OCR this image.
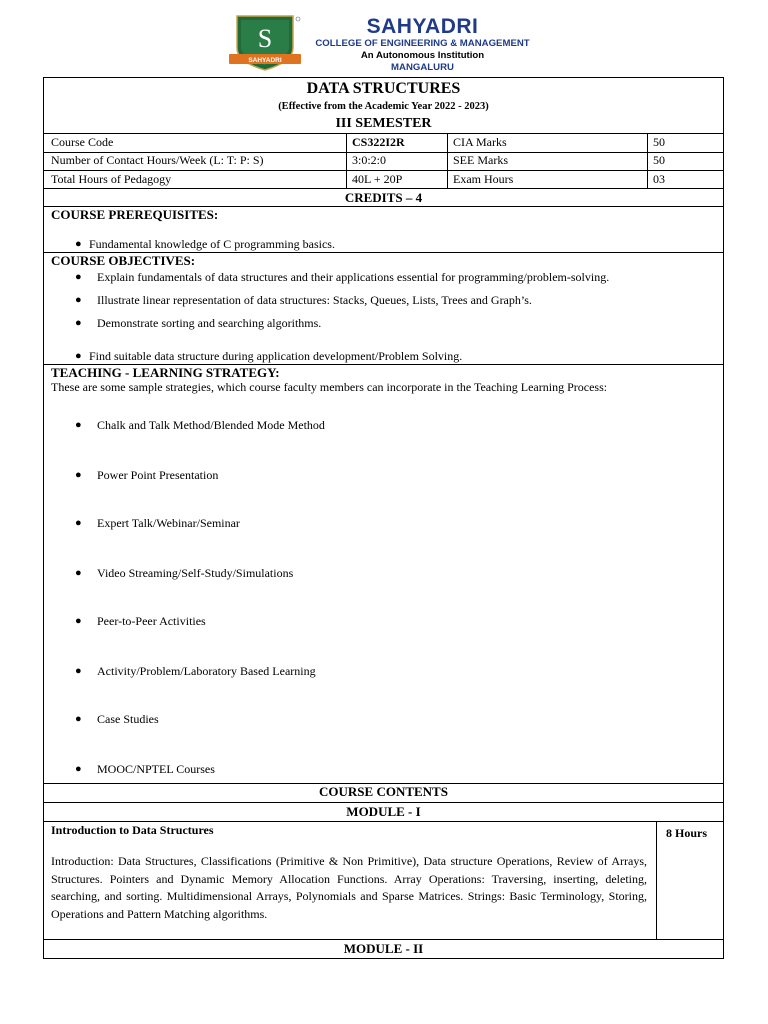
S
SAHYADRI
SAHYADRI
COLLEGE OF ENGINEERING & MANAGEMENT
An Autonomous Institution
MANGALURU
DATA STRUCTURES
(Effective from the Academic Year 2022 - 2023)
III SEMESTER
Course Code	CS322I2R	CIA Marks	50
Number of Contact Hours/Week (L: T: P: S)	3:0:2:0	SEE Marks	50
Total Hours of Pedagogy	40L + 20P	Exam Hours	03
CREDITS – 4
COURSE PREREQUISITES:
● Fundamental knowledge of C programming basics.
COURSE OBJECTIVES:
● Explain fundamentals of data structures and their applications essential for programming/problem-solving.
● Illustrate linear representation of data structures: Stacks, Queues, Lists, Trees and Graph’s.
● Demonstrate sorting and searching algorithms.
● Find suitable data structure during application development/Problem Solving.
TEACHING - LEARNING STRATEGY:
These are some sample strategies, which course faculty members can incorporate in the Teaching Learning Process:
● Chalk and Talk Method/Blended Mode Method
● Power Point Presentation
● Expert Talk/Webinar/Seminar
● Video Streaming/Self-Study/Simulations
● Peer-to-Peer Activities
● Activity/Problem/Laboratory Based Learning
● Case Studies
● MOOC/NPTEL Courses
COURSE CONTENTS
MODULE - I
Introduction to Data Structures	8 Hours
Introduction: Data Structures, Classifications (Primitive & Non Primitive), Data structure Operations, Review of Arrays, Structures. Pointers and Dynamic Memory Allocation Functions. Array Operations: Traversing, inserting, deleting, searching, and sorting. Multidimensional Arrays, Polynomials and Sparse Matrices. Strings: Basic Terminology, Storing, Operations and Pattern Matching algorithms.
MODULE - II
